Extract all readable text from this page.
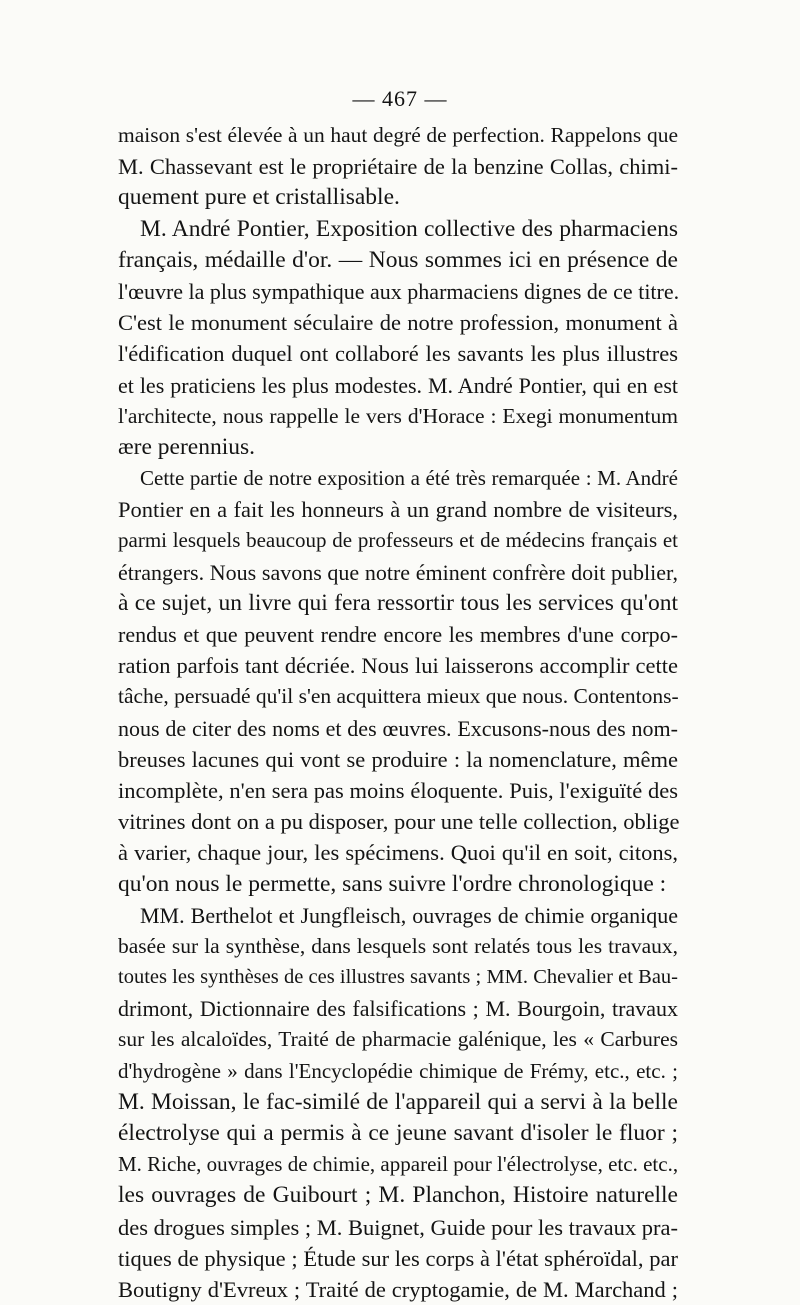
— 467 —
maison s'est élevée à un haut degré de perfection. Rappelons que
M. Chassevant est le propriétaire de la benzine Collas, chimi-
quement pure et cristallisable.
M. André Pontier, Exposition collective des pharmaciens
français, médaille d'or. — Nous sommes ici en présence de
l'œuvre la plus sympathique aux pharmaciens dignes de ce titre.
C'est le monument séculaire de notre profession, monument à
l'édification duquel ont collaboré les savants les plus illustres
et les praticiens les plus modestes. M. André Pontier, qui en est
l'architecte, nous rappelle le vers d'Horace : Exegi monumentum
ære perennius.
Cette partie de notre exposition a été très remarquée : M. André
Pontier en a fait les honneurs à un grand nombre de visiteurs,
parmi lesquels beaucoup de professeurs et de médecins français et
étrangers. Nous savons que notre éminent confrère doit publier,
à ce sujet, un livre qui fera ressortir tous les services qu'ont
rendus et que peuvent rendre encore les membres d'une corpo-
ration parfois tant décriée. Nous lui laisserons accomplir cette
tâche, persuadé qu'il s'en acquittera mieux que nous. Contentons-
nous de citer des noms et des œuvres. Excusons-nous des nom-
breuses lacunes qui vont se produire : la nomenclature, même
incomplète, n'en sera pas moins éloquente. Puis, l'exiguïté des
vitrines dont on a pu disposer, pour une telle collection, oblige
à varier, chaque jour, les spécimens. Quoi qu'il en soit, citons,
qu'on nous le permette, sans suivre l'ordre chronologique :
MM. Berthelot et Jungfleisch, ouvrages de chimie organique
basée sur la synthèse, dans lesquels sont relatés tous les travaux,
toutes les synthèses de ces illustres savants ; MM. Chevalier et Bau-
drimont, Dictionnaire des falsifications ; M. Bourgoin, travaux
sur les alcaloïdes, Traité de pharmacie galénique, les « Carbures
d'hydrogène » dans l'Encyclopédie chimique de Frémy, etc., etc. ;
M. Moissan, le fac-similé de l'appareil qui a servi à la belle
électrolyse qui a permis à ce jeune savant d'isoler le fluor ;
M. Riche, ouvrages de chimie, appareil pour l'électrolyse, etc. etc.,
les ouvrages de Guibourt ; M. Planchon, Histoire naturelle
des drogues simples ; M. Buignet, Guide pour les travaux pra-
tiques de physique ; Étude sur les corps à l'état sphéroïdal, par
Boutigny d'Evreux ; Traité de cryptogamie, de M. Marchand ;
